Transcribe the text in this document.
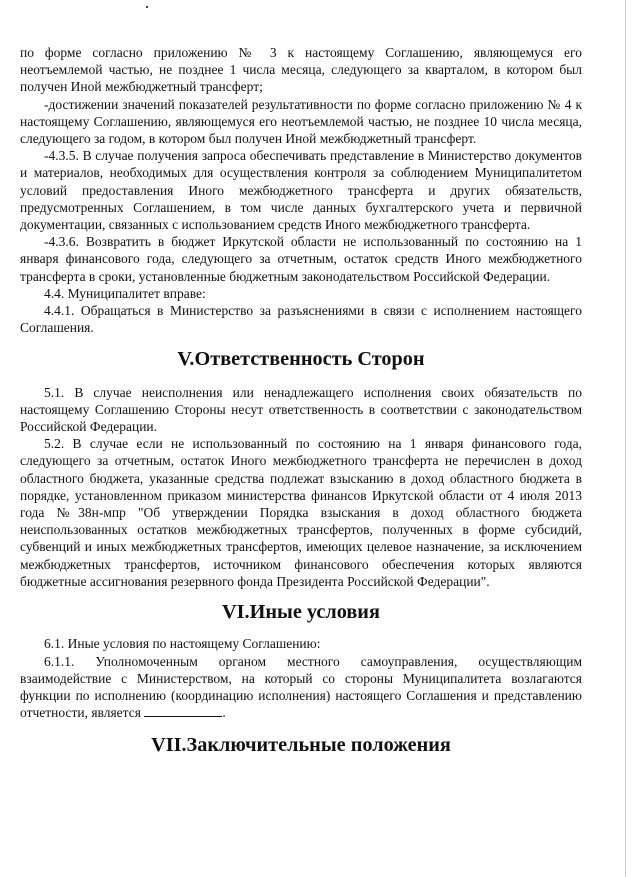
по форме согласно приложению № 3 к настоящему Соглашению, являющемуся его неотъемлемой частью, не позднее 1 числа месяца, следующего за кварталом, в котором был получен Иной межбюджетный трансферт;

-достижении значений показателей результативности по форме согласно приложению № 4 к настоящему Соглашению, являющемуся его неотъемлемой частью, не позднее 10 числа месяца, следующего за годом, в котором был получен Иной межбюджетный трансферт.

-4.3.5. В случае получения запроса обеспечивать представление в Министерство документов и материалов, необходимых для осуществления контроля за соблюдением Муниципалитетом условий предоставления Иного межбюджетного трансферта и других обязательств, предусмотренных Соглашением, в том числе данных бухгалтерского учета и первичной документации, связанных с использованием средств Иного межбюджетного трансферта.

-4.3.6. Возвратить в бюджет Иркутской области не использованный по состоянию на 1 января финансового года, следующего за отчетным, остаток средств Иного межбюджетного трансферта в сроки, установленные бюджетным законодательством Российской Федерации.

4.4. Муниципалитет вправе:

4.4.1. Обращаться в Министерство за разъяснениями в связи с исполнением настоящего Соглашения.

V.Ответственность Сторон

5.1. В случае неисполнения или ненадлежащего исполнения своих обязательств по настоящему Соглашению Стороны несут ответственность в соответствии с законодательством Российской Федерации.

5.2. В случае если не использованный по состоянию на 1 января финансового года, следующего за отчетным, остаток Иного межбюджетного трансферта не перечислен в доход областного бюджета, указанные средства подлежат взысканию в доход областного бюджета в порядке, установленном приказом министерства финансов Иркутской области от 4 июля 2013 года №38н-мпр "Об утверждении Порядка взыскания в доход областного бюджета неиспользованных остатков межбюджетных трансфертов, полученных в форме субсидий, субвенций и иных межбюджетных трансфертов, имеющих целевое назначение, за исключением межбюджетных трансфертов, источником финансового обеспечения которых являются бюджетные ассигнования резервного фонда Президента Российской Федерации".

VI.Иные условия

6.1. Иные условия по настоящему Соглашению:

6.1.1. Уполномоченным органом местного самоуправления, осуществляющим взаимодействие с Министерством, на который со стороны Муниципалитета возлагаются функции по исполнению (координацию исполнения) настоящего Соглашения и представлению отчетности, является	.

VII.Заключительные положения
